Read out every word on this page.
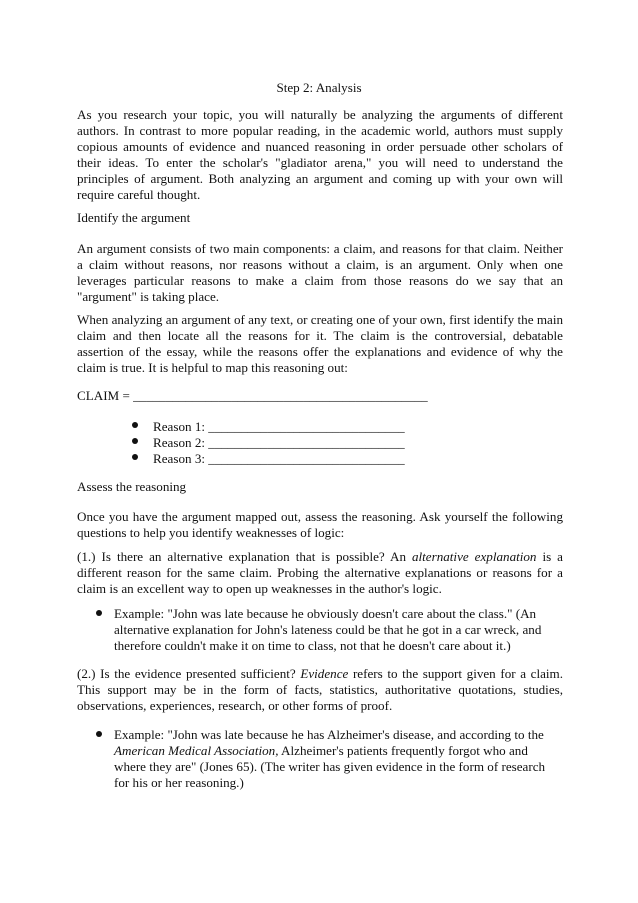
Step 2: Analysis

As you research your topic, you will naturally be analyzing the arguments of different authors. In contrast to more popular reading, in the academic world, authors must supply copious amounts of evidence and nuanced reasoning in order persuade other scholars of their ideas. To enter the scholar's "gladiator arena," you will need to understand the principles of argument. Both analyzing an argument and coming up with your own will require careful thought.

Identify the argument

An argument consists of two main components: a claim, and reasons for that claim. Neither a claim without reasons, nor reasons without a claim, is an argument. Only when one leverages particular reasons to make a claim from those reasons do we say that an "argument" is taking place.

When analyzing an argument of any text, or creating one of your own, first identify the main claim and then locate all the reasons for it. The claim is the controversial, debatable assertion of the essay, while the reasons offer the explanations and evidence of why the claim is true. It is helpful to map this reasoning out:

CLAIM = _____________________________________________

Reason 1: ______________________________
Reason 2: ______________________________
Reason 3: ______________________________

Assess the reasoning

Once you have the argument mapped out, assess the reasoning. Ask yourself the following questions to help you identify weaknesses of logic:

(1.) Is there an alternative explanation that is possible? An alternative explanation is a different reason for the same claim. Probing the alternative explanations or reasons for a claim is an excellent way to open up weaknesses in the author's logic.

Example: "John was late because he obviously doesn't care about the class." (An alternative explanation for John's lateness could be that he got in a car wreck, and therefore couldn't make it on time to class, not that he doesn't care about it.)

(2.) Is the evidence presented sufficient? Evidence refers to the support given for a claim. This support may be in the form of facts, statistics, authoritative quotations, studies, observations, experiences, research, or other forms of proof.

Example: "John was late because he has Alzheimer's disease, and according to the American Medical Association, Alzheimer's patients frequently forgot who and where they are" (Jones 65). (The writer has given evidence in the form of research for his or her reasoning.)
